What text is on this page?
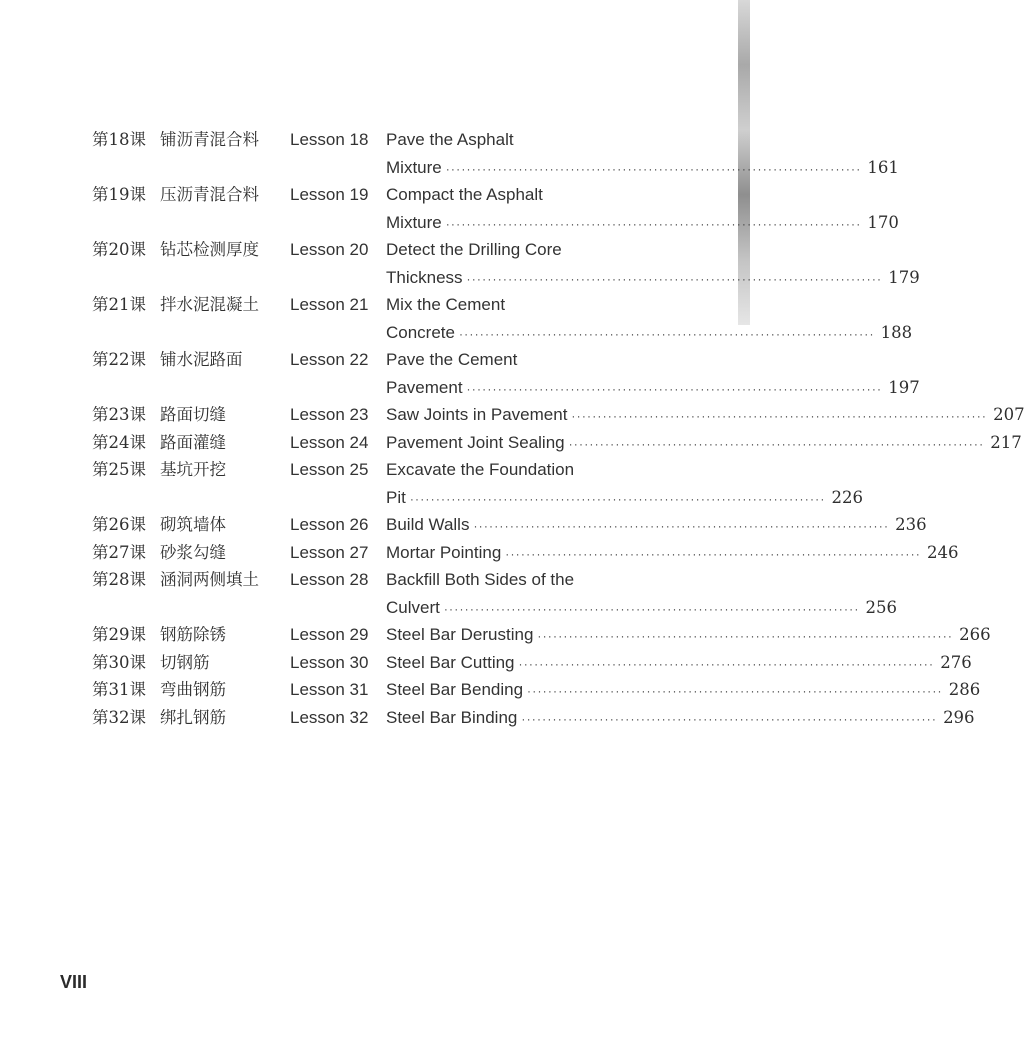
第18课 铺沥青混合料	Lesson 18 Pave the Asphalt
Mixture ················································································ 161
第19课 压沥青混合料	Lesson 19 Compact the Asphalt
Mixture ················································································ 170
第20课 钻芯检测厚度	Lesson 20 Detect the Drilling Core
Thickness ················································································ 179
第21课 拌水泥混凝土	Lesson 21 Mix the Cement
Concrete ················································································ 188
第22课 铺水泥路面	Lesson 22 Pave the Cement
Pavement ················································································ 197
第23课 路面切缝	Lesson 23 Saw Joints in Pavement ················································································ 207
第24课 路面灌缝	Lesson 24 Pavement Joint Sealing ················································································ 217
第25课 基坑开挖	Lesson 25 Excavate the Foundation
Pit ················································································ 226
第26课 砌筑墙体	Lesson 26 Build Walls ················································································ 236
第27课 砂浆勾缝	Lesson 27 Mortar Pointing ················································································ 246
第28课 涵洞两侧填土	Lesson 28 Backfill Both Sides of the
Culvert ················································································ 256
第29课 钢筋除锈	Lesson 29 Steel Bar Derusting ················································································ 266
第30课 切钢筋	Lesson 30 Steel Bar Cutting ················································································ 276
第31课 弯曲钢筋	Lesson 31 Steel Bar Bending ················································································ 286
第32课 绑扎钢筋	Lesson 32 Steel Bar Binding ················································································ 296
VIII
